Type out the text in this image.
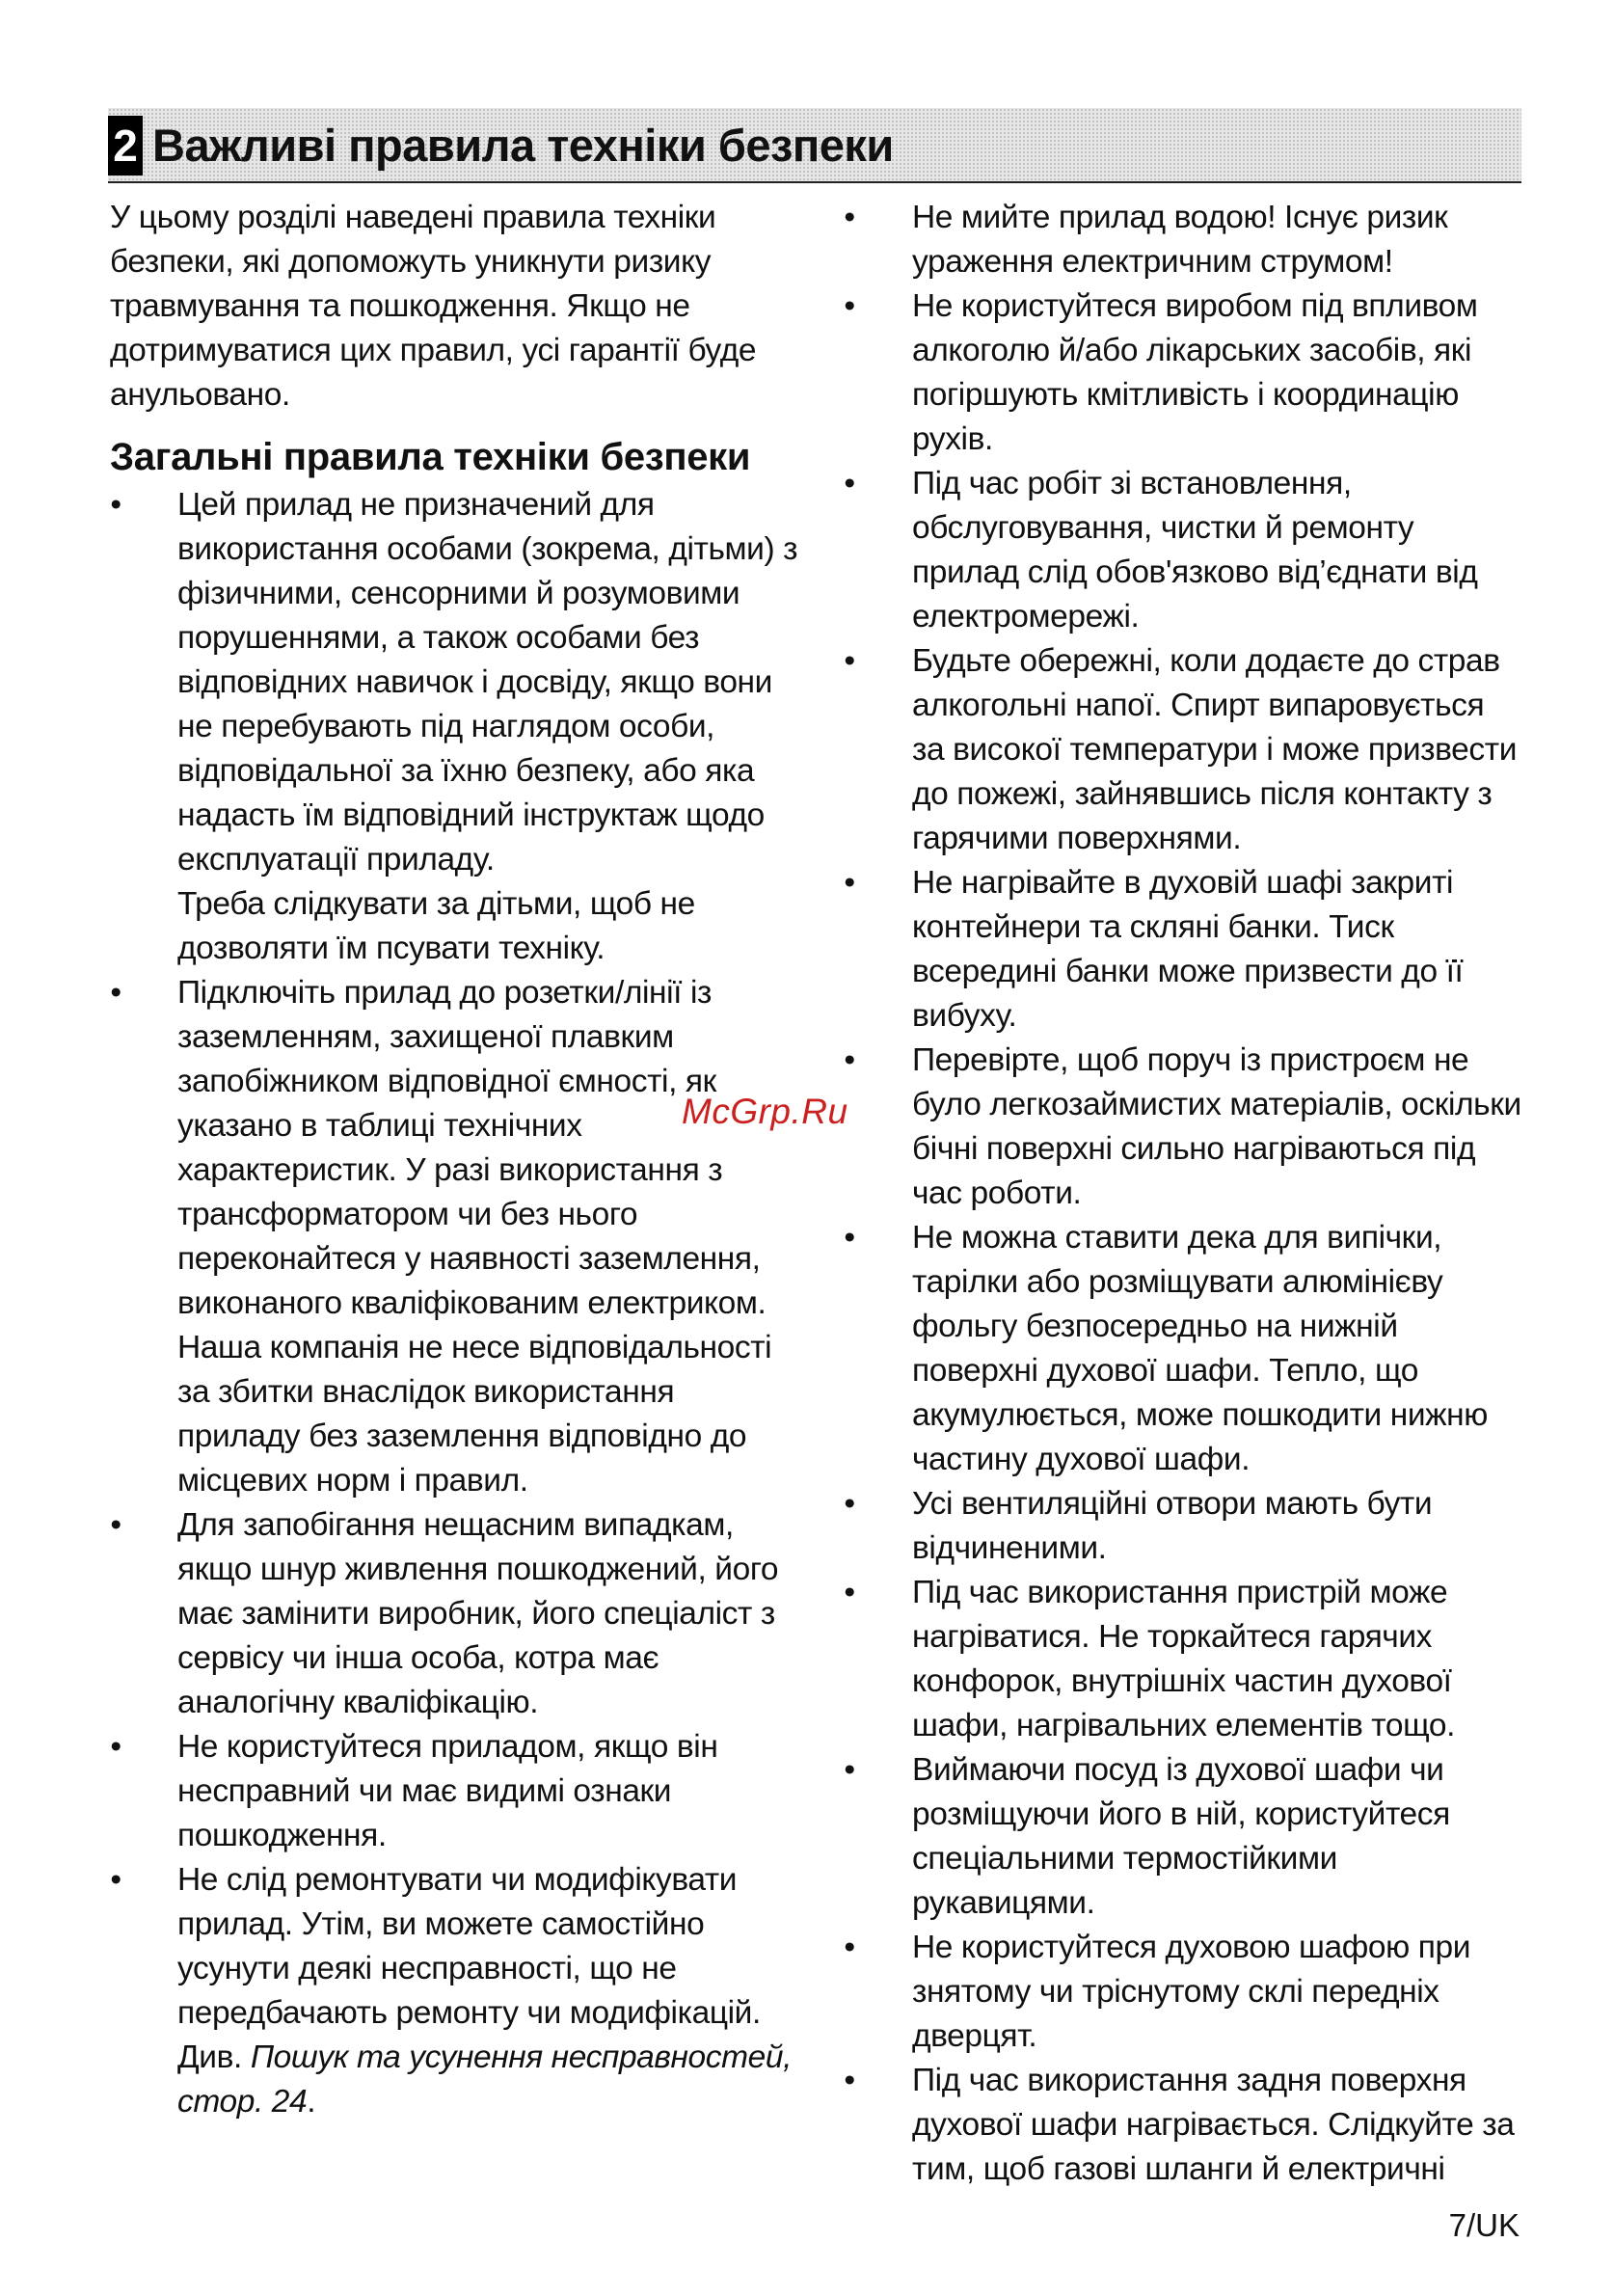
2 Важливі правила техніки безпеки

У цьому розділі наведені правила техніки безпеки, які допоможуть уникнути ризику травмування та пошкодження. Якщо не дотримуватися цих правил, усі гарантії буде анульовано.

Загальні правила техніки безпеки
• Цей прилад не призначений для використання особами (зокрема, дітьми) з фізичними, сенсорними й розумовими порушеннями, а також особами без відповідних навичок і досвіду, якщо вони не перебувають під наглядом особи, відповідальної за їхню безпеку, або яка надасть їм відповідний інструктаж щодо експлуатації приладу.
Треба слідкувати за дітьми, щоб не дозволяти їм псувати техніку.
• Підключіть прилад до розетки/лінії із заземленням, захищеної плавким запобіжником відповідної ємності, як указано в таблиці технічних характеристик. У разі використання з трансформатором чи без нього переконайтеся у наявності заземлення, виконаного кваліфікованим електриком. Наша компанія не несе відповідальності за збитки внаслідок використання приладу без заземлення відповідно до місцевих норм і правил.
• Для запобігання нещасним випадкам, якщо шнур живлення пошкоджений, його має замінити виробник, його спеціаліст з сервісу чи інша особа, котра має аналогічну кваліфікацію.
• Не користуйтеся приладом, якщо він несправний чи має видимі ознаки пошкодження.
• Не слід ремонтувати чи модифікувати прилад. Утім, ви можете самостійно усунути деякі несправності, що не передбачають ремонту чи модифікацій. Див. Пошук та усунення несправностей, стор. 24.
• Не мийте прилад водою! Існує ризик ураження електричним струмом!
• Не користуйтеся виробом під впливом алкоголю й/або лікарських засобів, які погіршують кмітливість і координацію рухів.
• Під час робіт зі встановлення, обслуговування, чистки й ремонту прилад слід обов'язково від’єднати від електромережі.
• Будьте обережні, коли додаєте до страв алкогольні напої. Спирт випаровується за високої температури і може призвести до пожежі, зайнявшись після контакту з гарячими поверхнями.
• Не нагрівайте в духовій шафі закриті контейнери та скляні банки. Тиск всередині банки може призвести до її вибуху.
• Перевірте, щоб поруч із пристроєм не було легкозаймистих матеріалів, оскільки бічні поверхні сильно нагріваються під час роботи.
• Не можна ставити дека для випічки, тарілки або розміщувати алюмінієву фольгу безпосередньо на нижній поверхні духової шафи. Тепло, що акумулюється, може пошкодити нижню частину духової шафи.
• Усі вентиляційні отвори мають бути відчиненими.
• Під час використання пристрій може нагріватися. Не торкайтеся гарячих конфорок, внутрішніх частин духової шафи, нагрівальних елементів тощо.
• Виймаючи посуд із духової шафи чи розміщуючи його в ній, користуйтеся спеціальними термостійкими рукавицями.
• Не користуйтеся духовою шафою при знятому чи тріснутому склі передніх дверцят.
• Під час використання задня поверхня духової шафи нагрівається. Слідкуйте за тим, щоб газові шланги й електричні
McGrp.Ru
7/UK
